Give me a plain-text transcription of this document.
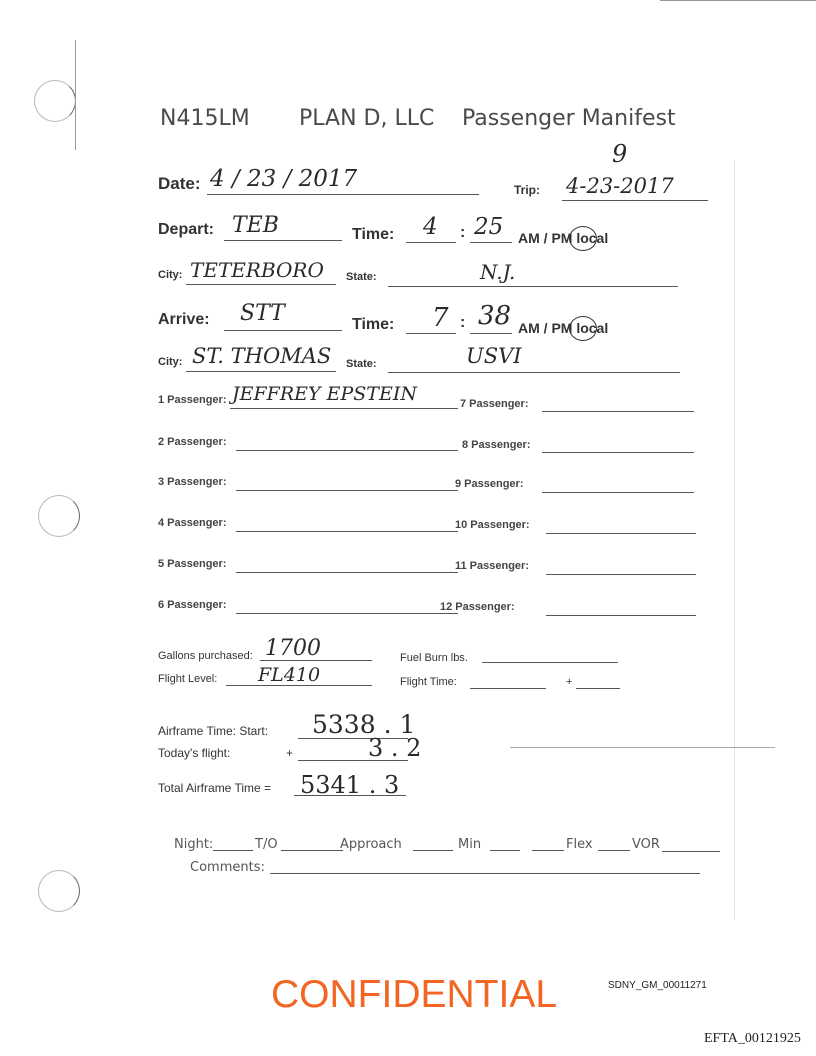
N415LM PLAN D, LLC Passenger Manifest
9
Date: 4 / 23 / 2017	Trip: 4-23-2017
Depart: TEB	Time: 4 : 25 AM / PM local
City: TETERBORO State:	N.J.
Arrive: STT	Time: 7 : 38 AM / PM local
City: ST. THOMAS State:	USVI
1 Passenger: JEFFREY EPSTEIN
2 Passenger:
3 Passenger:
4 Passenger:
5 Passenger:
6 Passenger:
7 Passenger:
8 Passenger:
9 Passenger:
10 Passenger:
11 Passenger:
12 Passenger:
Gallons purchased: 1700	Fuel Burn lbs.
Flight Level: FL410	Flight Time:	+
Airframe Time: Start: 5338 . 1
Today's flight:	+	3 . 2
Total Airframe Time = 5341 . 3
Night:	T/O	Approach	Min	Flex	VOR
Comments:
SDNY_GM_00011271
CONFIDENTIAL
EFTA_00121925
